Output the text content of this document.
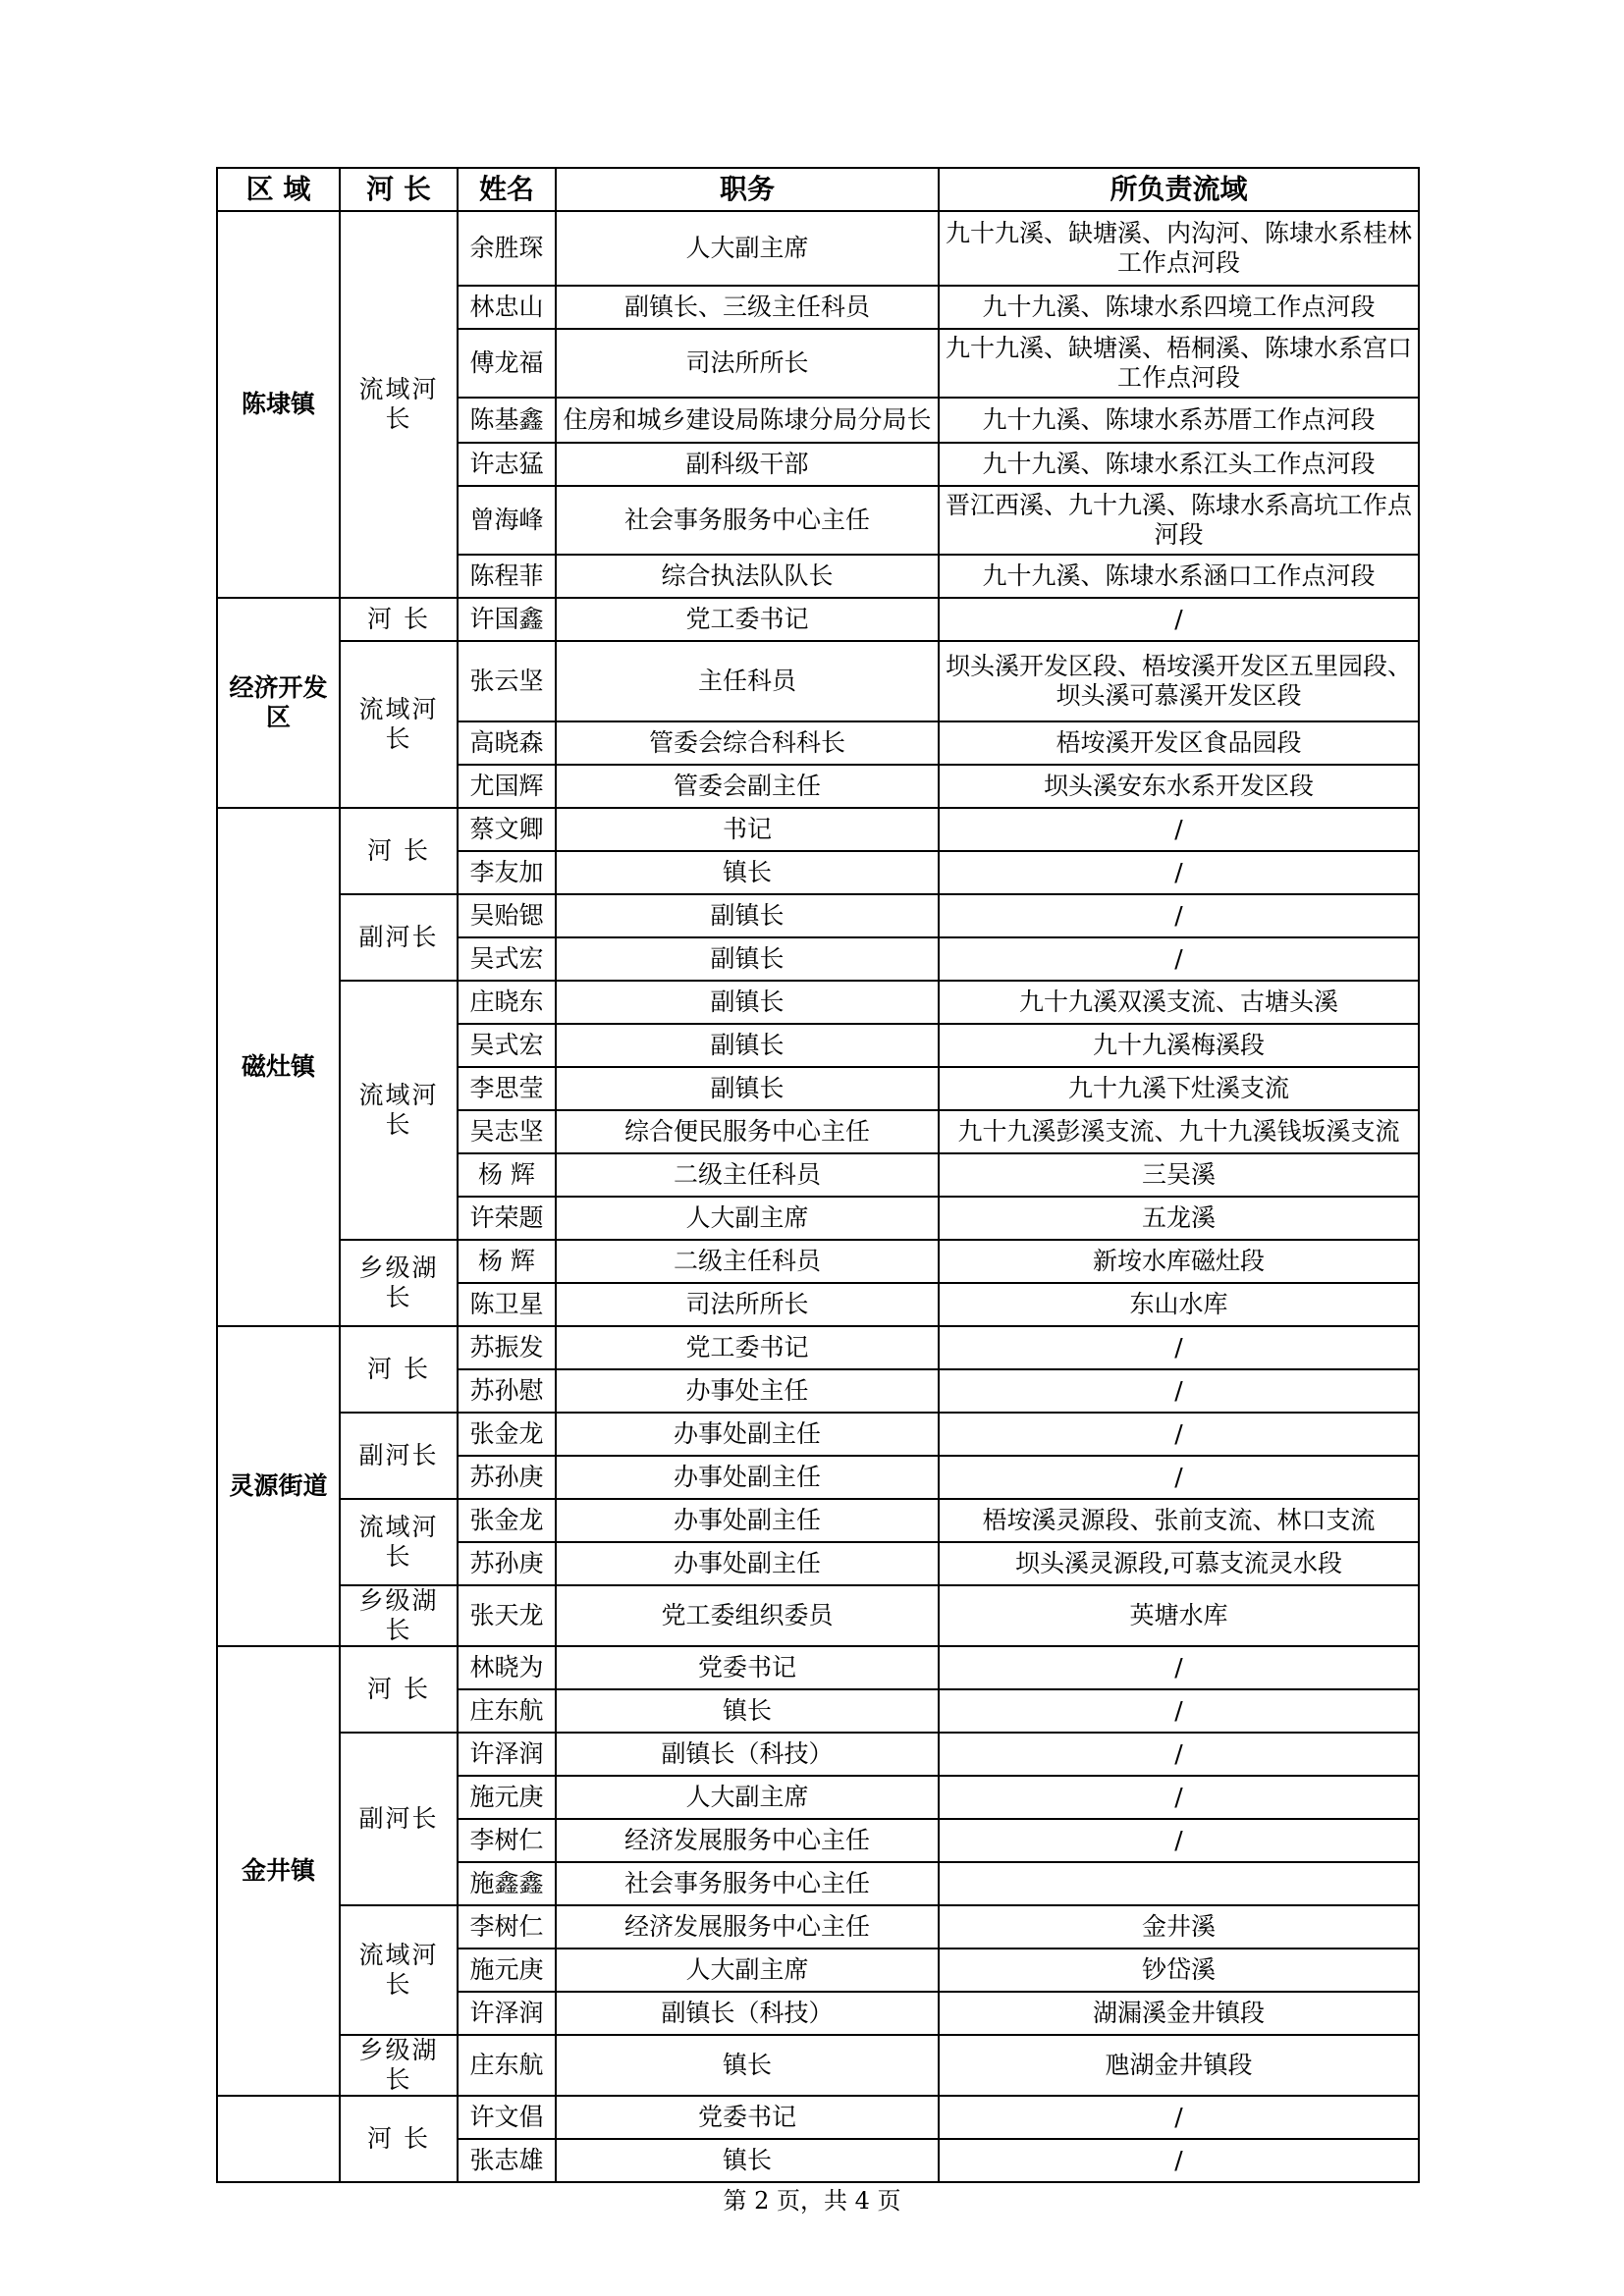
区 域	河 长	姓名	职务	所负责流域
陈埭镇	流域河长	余胜琛	人大副主席	九十九溪、缺塘溪、内沟河、陈埭水系桂林工作点河段
		林忠山	副镇长、三级主任科员	九十九溪、陈埭水系四境工作点河段
		傅龙福	司法所所长	九十九溪、缺塘溪、梧桐溪、陈埭水系宫口工作点河段
		陈基鑫	住房和城乡建设局陈埭分局分局长	九十九溪、陈埭水系苏厝工作点河段
		许志猛	副科级干部	九十九溪、陈埭水系江头工作点河段
		曾海峰	社会事务服务中心主任	晋江西溪、九十九溪、陈埭水系高坑工作点河段
		陈程菲	综合执法队队长	九十九溪、陈埭水系涵口工作点河段
经济开发区	河 长	许国鑫	党工委书记	/
	流域河长	张云坚	主任科员	坝头溪开发区段、梧垵溪开发区五里园段、坝头溪可慕溪开发区段
		高晓森	管委会综合科科长	梧垵溪开发区食品园段
		尤国辉	管委会副主任	坝头溪安东水系开发区段
磁灶镇	河 长	蔡文卿	书记	/
		李友加	镇长	/
	副河长	吴贻锶	副镇长	/
		吴式宏	副镇长	/
	流域河长	庄晓东	副镇长	九十九溪双溪支流、古塘头溪
		吴式宏	副镇长	九十九溪梅溪段
		李思莹	副镇长	九十九溪下灶溪支流
		吴志坚	综合便民服务中心主任	九十九溪彭溪支流、九十九溪钱坂溪支流
		杨 辉	二级主任科员	三吴溪
		许荣题	人大副主席	五龙溪
	乡级湖长	杨 辉	二级主任科员	新垵水库磁灶段
		陈卫星	司法所所长	东山水库
灵源街道	河 长	苏振发	党工委书记	/
		苏孙慰	办事处主任	/
	副河长	张金龙	办事处副主任	/
		苏孙庚	办事处副主任	/
	流域河长	张金龙	办事处副主任	梧垵溪灵源段、张前支流、林口支流
		苏孙庚	办事处副主任	坝头溪灵源段,可慕支流灵水段
	乡级湖长	张天龙	党工委组织委员	英塘水库
金井镇	河 长	林晓为	党委书记	/
		庄东航	镇长	/
	副河长	许泽润	副镇长（科技）	/
		施元庚	人大副主席	/
		李树仁	经济发展服务中心主任	/
		施鑫鑫	社会事务服务中心主任	
	流域河长	李树仁	经济发展服务中心主任	金井溪
		施元庚	人大副主席	钞岱溪
		许泽润	副镇长（科技）	湖漏溪金井镇段
	乡级湖长	庄东航	镇长	虺湖金井镇段
	河 长	许文倡	党委书记	/
		张志雄	镇长	/
第 2 页，共 4 页
